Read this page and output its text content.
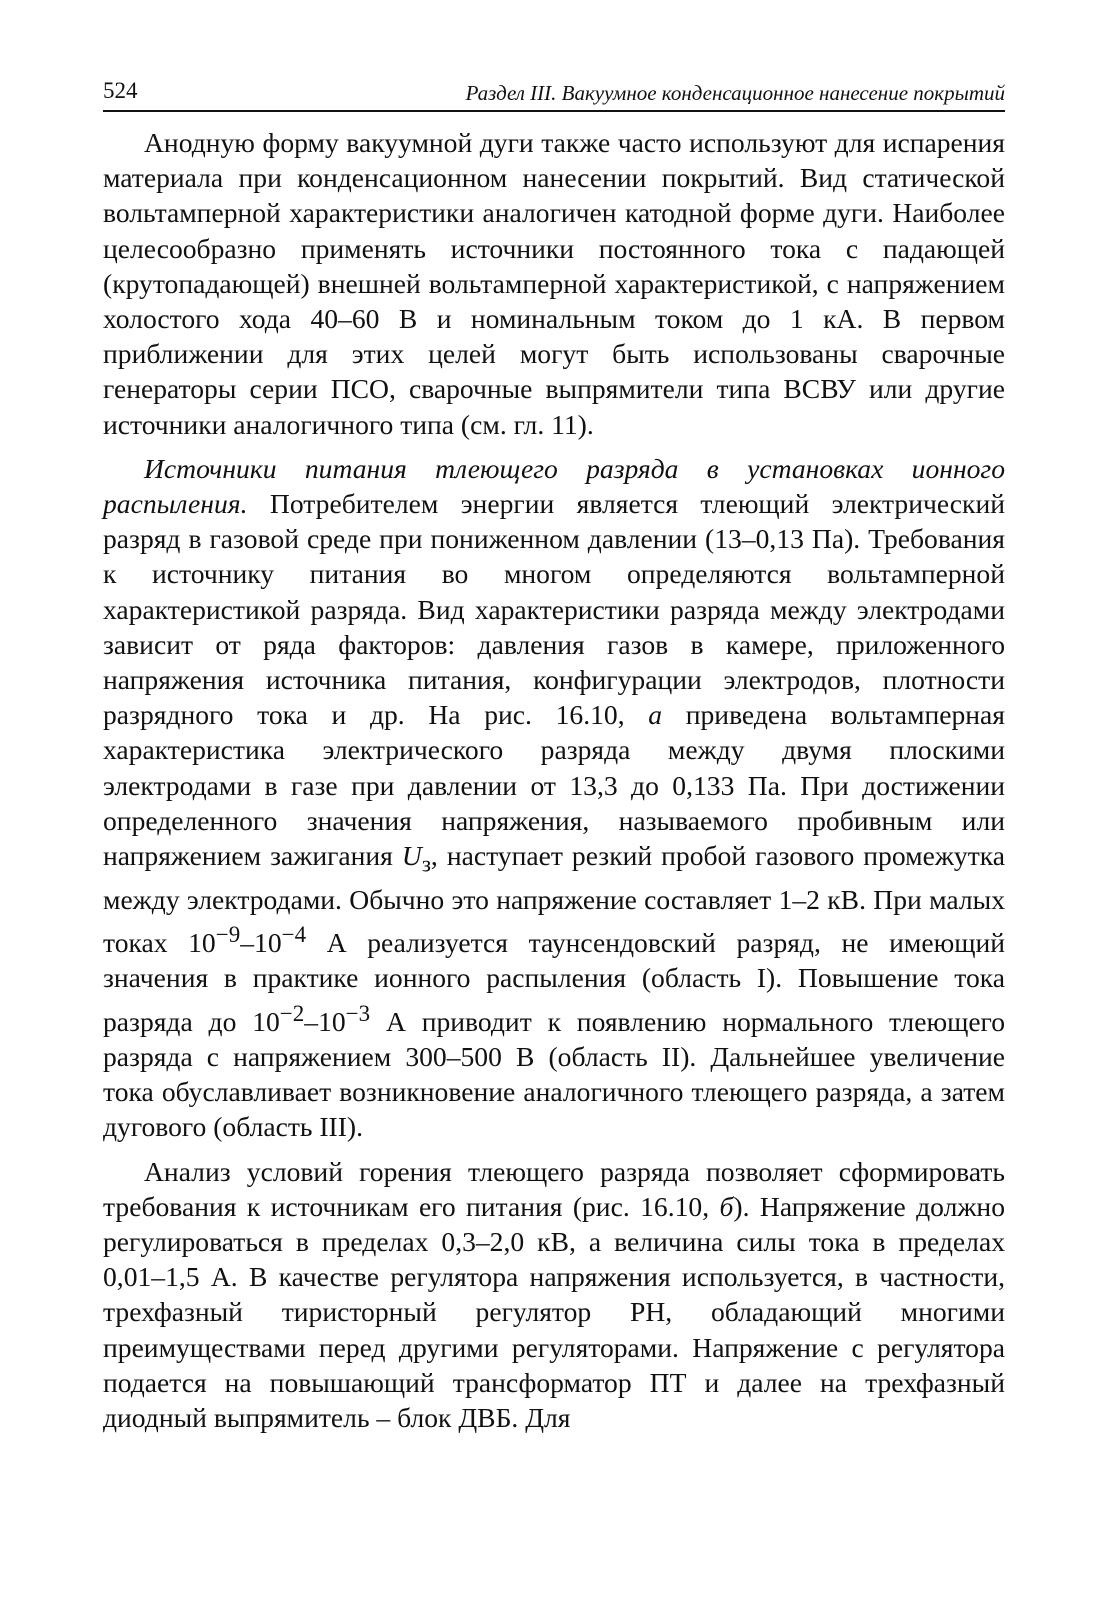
524	Раздел III. Вакуумное конденсационное нанесение покрытий

Анодную форму вакуумной дуги также часто используют для испарения материала при конденсационном нанесении покрытий. Вид статической вольтамперной характеристики аналогичен катодной форме дуги. Наиболее целесообразно применять источники постоянного тока с падающей (крутопадающей) внешней вольтамперной характеристикой, с напряжением холостого хода 40–60 В и номинальным током до 1 кА. В первом приближении для этих целей могут быть использованы сварочные генераторы серии ПСО, сварочные выпрямители типа ВСВУ или другие источники аналогичного типа (см. гл. 11).

Источники питания тлеющего разряда в установках ионного распыления. Потребителем энергии является тлеющий электрический разряд в газовой среде при пониженном давлении (13–0,13 Па). Требования к источнику питания во многом определяются вольтамперной характеристикой разряда. Вид характеристики разряда между электродами зависит от ряда факторов: давления газов в камере, приложенного напряжения источника питания, конфигурации электродов, плотности разрядного тока и др. На рис. 16.10, а приведена вольтамперная характеристика электрического разряда между двумя плоскими электродами в газе при давлении от 13,3 до 0,133 Па. При достижении определенного значения напряжения, называемого пробивным или напряжением зажигания $U_з$, наступает резкий пробой газового промежутка между электродами. Обычно это напряжение составляет 1–2 кВ. При малых токах $10^{-9}-10^{-4}$ А реализуется таунсендовский разряд, не имеющий значения в практике ионного распыления (область I). Повышение тока разряда до $10^{-2}-10^{-3}$ А приводит к появлению нормального тлеющего разряда с напряжением 300–500 В (область II). Дальнейшее увеличение тока обуславливает возникновение аналогичного тлеющего разряда, а затем дугового (область III).

Анализ условий горения тлеющего разряда позволяет сформировать требования к источникам его питания (рис. 16.10, б). Напряжение должно регулироваться в пределах 0,3–2,0 кВ, а величина силы тока в пределах 0,01–1,5 А. В качестве регулятора напряжения используется, в частности, трехфазный тиристорный регулятор РН, обладающий многими преимуществами перед другими регуляторами. Напряжение с регулятора подается на повышающий трансформатор ПТ и далее на трехфазный диодный выпрямитель – блок ДВБ. Для
